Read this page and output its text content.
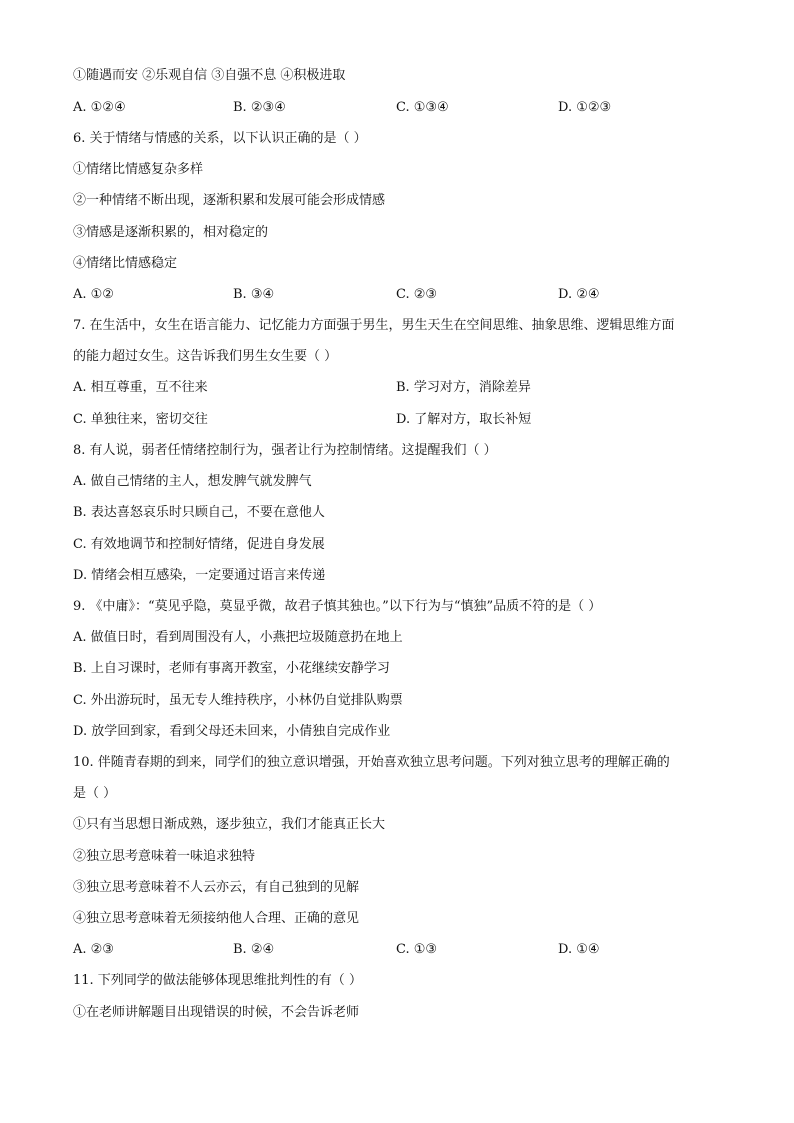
①随遇而安 ②乐观自信 ③自强不息 ④积极进取
A. ①②④	B. ②③④	C. ①③④	D. ①②③
6. 关于情绪与情感的关系，以下认识正确的是（ ）
①情绪比情感复杂多样
②一种情绪不断出现，逐渐积累和发展可能会形成情感
③情感是逐渐积累的，相对稳定的
④情绪比情感稳定
A. ①②	B. ③④	C. ②③	D. ②④
7. 在生活中，女生在语言能力、记忆能力方面强于男生，男生天生在空间思维、抽象思维、逻辑思维方面
的能力超过女生。这告诉我们男生女生要（ ）
A. 相互尊重，互不往来	B. 学习对方，消除差异
C. 单独往来，密切交往	D. 了解对方，取长补短
8. 有人说，弱者任情绪控制行为，强者让行为控制情绪。这提醒我们（ ）
A. 做自己情绪的主人，想发脾气就发脾气
B. 表达喜怒哀乐时只顾自己，不要在意他人
C. 有效地调节和控制好情绪，促进自身发展
D. 情绪会相互感染，一定要通过语言来传递
9. 《中庸》：“莫见乎隐，莫显乎微，故君子慎其独也。”以下行为与“慎独”品质不符的是（ ）
A. 做值日时，看到周围没有人，小燕把垃圾随意扔在地上
B. 上自习课时，老师有事离开教室，小花继续安静学习
C. 外出游玩时，虽无专人维持秩序，小林仍自觉排队购票
D. 放学回到家，看到父母还未回来，小倩独自完成作业
10. 伴随青春期的到来，同学们的独立意识增强，开始喜欢独立思考问题。下列对独立思考的理解正确的
是（ ）
①只有当思想日渐成熟，逐步独立，我们才能真正长大
②独立思考意味着一味追求独特
③独立思考意味着不人云亦云，有自己独到的见解
④独立思考意味着无须接纳他人合理、正确的意见
A. ②③	B. ②④	C. ①③	D. ①④
11. 下列同学的做法能够体现思维批判性的有（ ）
①在老师讲解题目出现错误的时候，不会告诉老师
